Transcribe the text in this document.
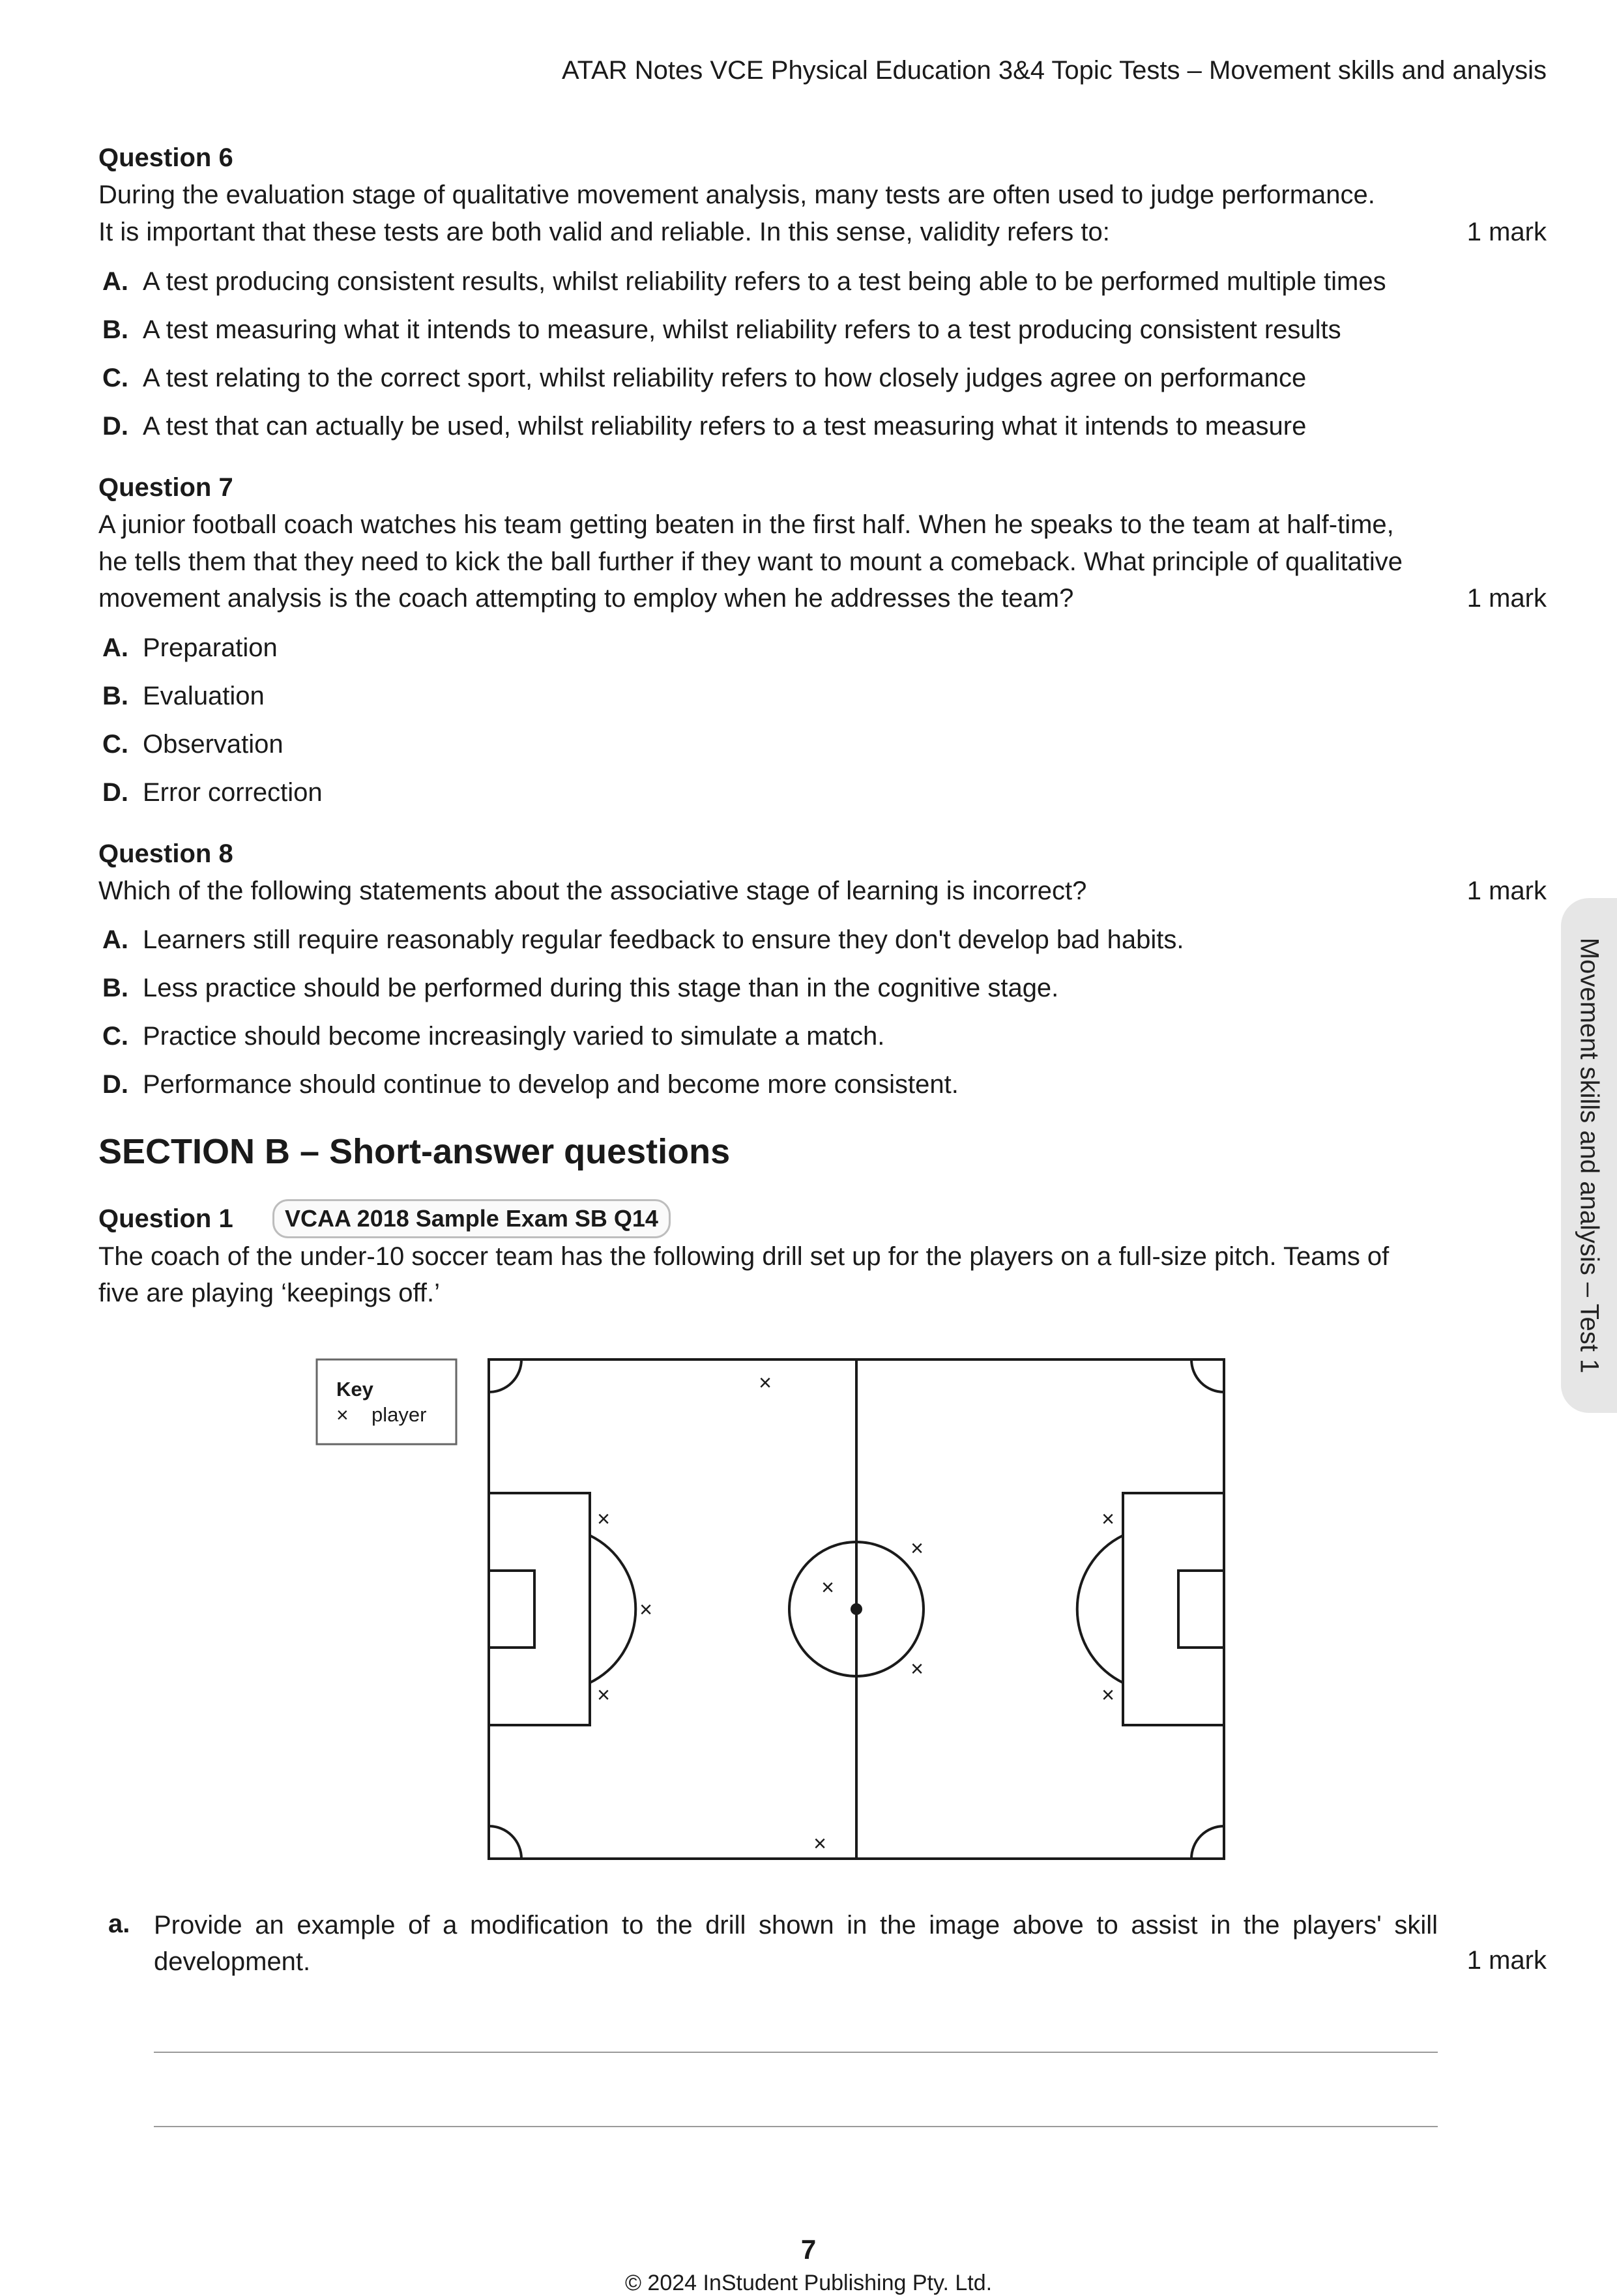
ATAR Notes VCE Physical Education 3&4 Topic Tests – Movement skills and analysis
Movement skills and analysis – Test 1
Question 6
During the evaluation stage of qualitative movement analysis, many tests are often used to judge performance.
It is important that these tests are both valid and reliable. In this sense, validity refers to:	1 mark
A. A test producing consistent results, whilst reliability refers to a test being able to be performed multiple times
B. A test measuring what it intends to measure, whilst reliability refers to a test producing consistent results
C. A test relating to the correct sport, whilst reliability refers to how closely judges agree on performance
D. A test that can actually be used, whilst reliability refers to a test measuring what it intends to measure
Question 7
A junior football coach watches his team getting beaten in the first half. When he speaks to the team at half-time,
he tells them that they need to kick the ball further if they want to mount a comeback. What principle of qualitative
movement analysis is the coach attempting to employ when he addresses the team?	1 mark
A. Preparation
B. Evaluation
C. Observation
D. Error correction
Question 8
Which of the following statements about the associative stage of learning is incorrect?	1 mark
A. Learners still require reasonably regular feedback to ensure they don't develop bad habits.
B. Less practice should be performed during this stage than in the cognitive stage.
C. Practice should become increasingly varied to simulate a match.
D. Performance should continue to develop and become more consistent.
SECTION B – Short-answer questions
Question 1	VCAA 2018 Sample Exam SB Q14
The coach of the under-10 soccer team has the following drill set up for the players on a full-size pitch. Teams of
five are playing ‘keepings off.’
Key
× player
×
×
×
×
×
×
×
×
×
×
a. Provide an example of a modification to the drill shown in the image above to assist in the players' skill development.	1 mark
7
© 2024 InStudent Publishing Pty. Ltd.
